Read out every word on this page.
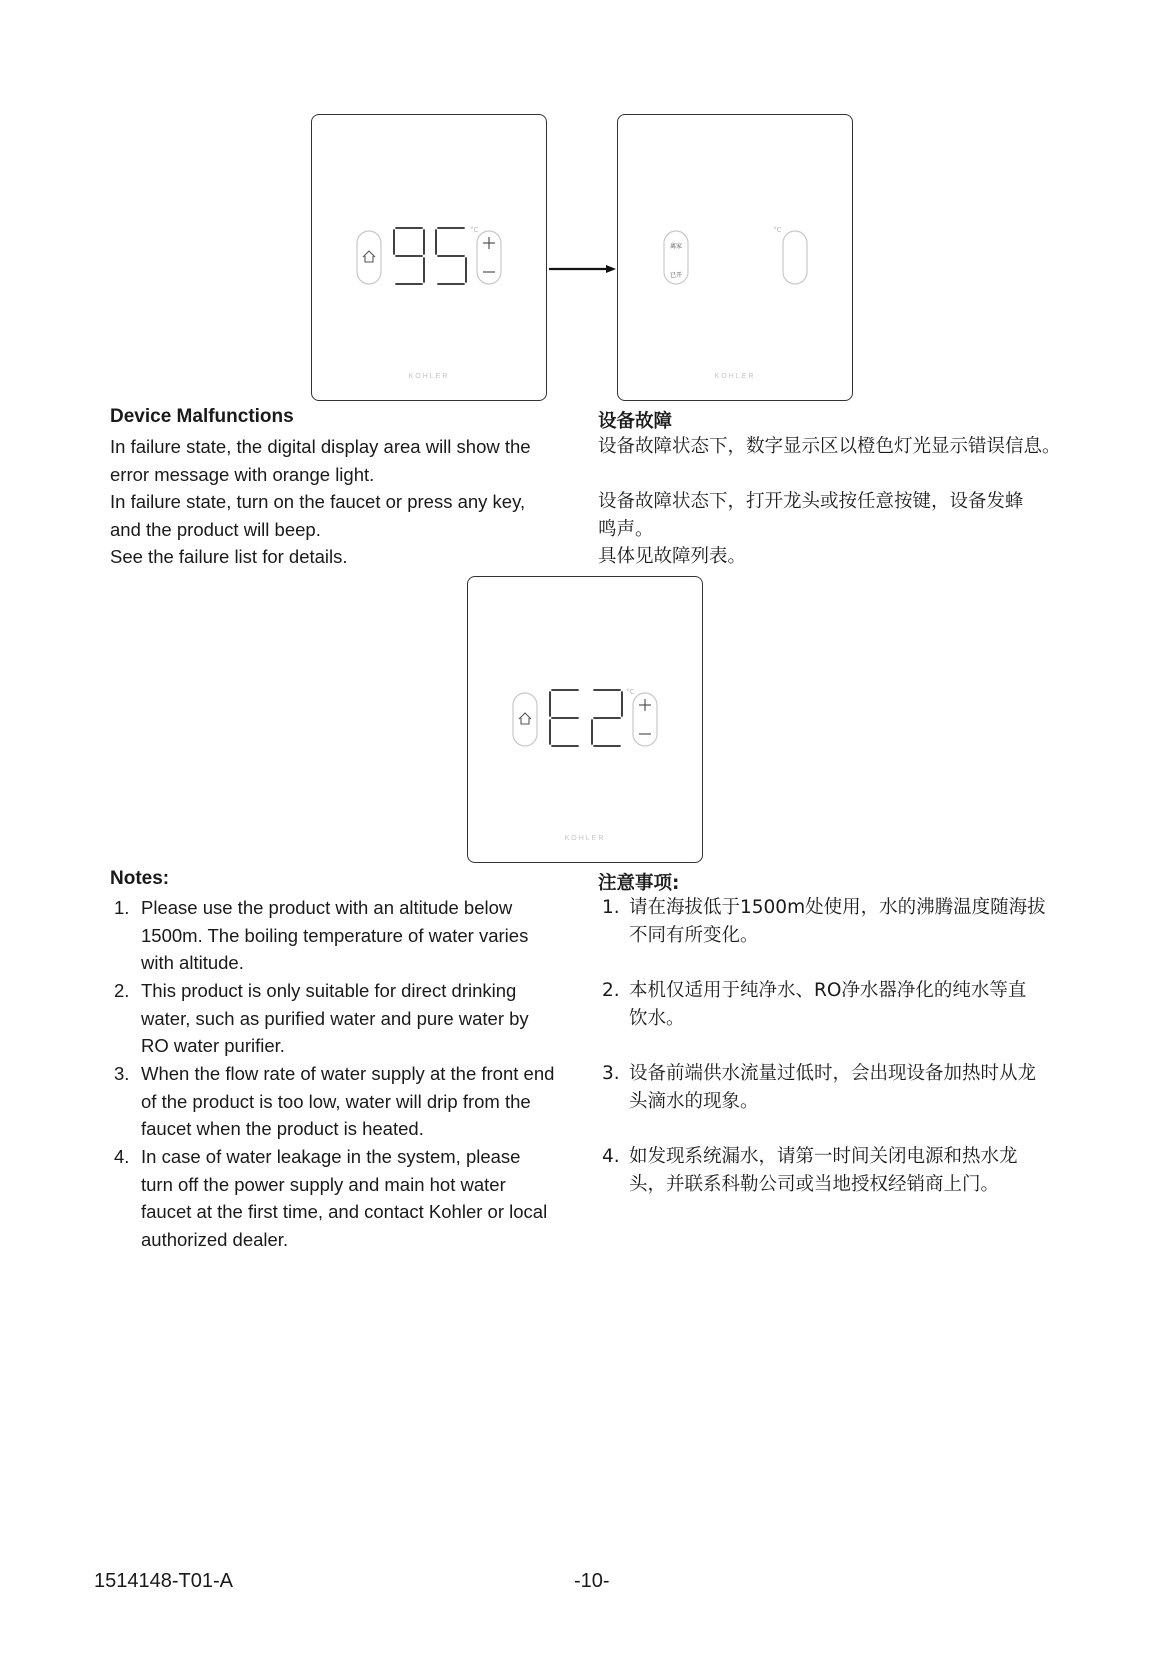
°C
KOHLER
°C
离家
已开
KOHLER
Device Malfunctions
In failure state, the digital display area will show the
error message with orange light.
In failure state, turn on the faucet or press any key,
and the product will beep.
See the failure list for details.
设备故障
设备故障状态下，数字显示区以橙色灯光显示错误信息。
设备故障状态下，打开龙头或按任意按键，设备发蜂
鸣声。
具体见故障列表。
°C
KOHLER
Notes:
1. Please use the product with an altitude below
1500m. The boiling temperature of water varies
with altitude.
2. This product is only suitable for direct drinking
water, such as purified water and pure water by
RO water purifier.
3. When the flow rate of water supply at the front end
of the product is too low, water will drip from the
faucet when the product is heated.
4. In case of water leakage in the system, please
turn off the power supply and main hot water
faucet at the first time, and contact Kohler or local
authorized dealer.
注意事项:
1. 请在海拔低于1500m处使用，水的沸腾温度随海拔
不同有所变化。
2. 本机仅适用于纯净水、RO净水器净化的纯水等直
饮水。
3. 设备前端供水流量过低时，会出现设备加热时从龙
头滴水的现象。
4. 如发现系统漏水，请第一时间关闭电源和热水龙
头，并联系科勒公司或当地授权经销商上门。
1514148-T01-A	-10-
